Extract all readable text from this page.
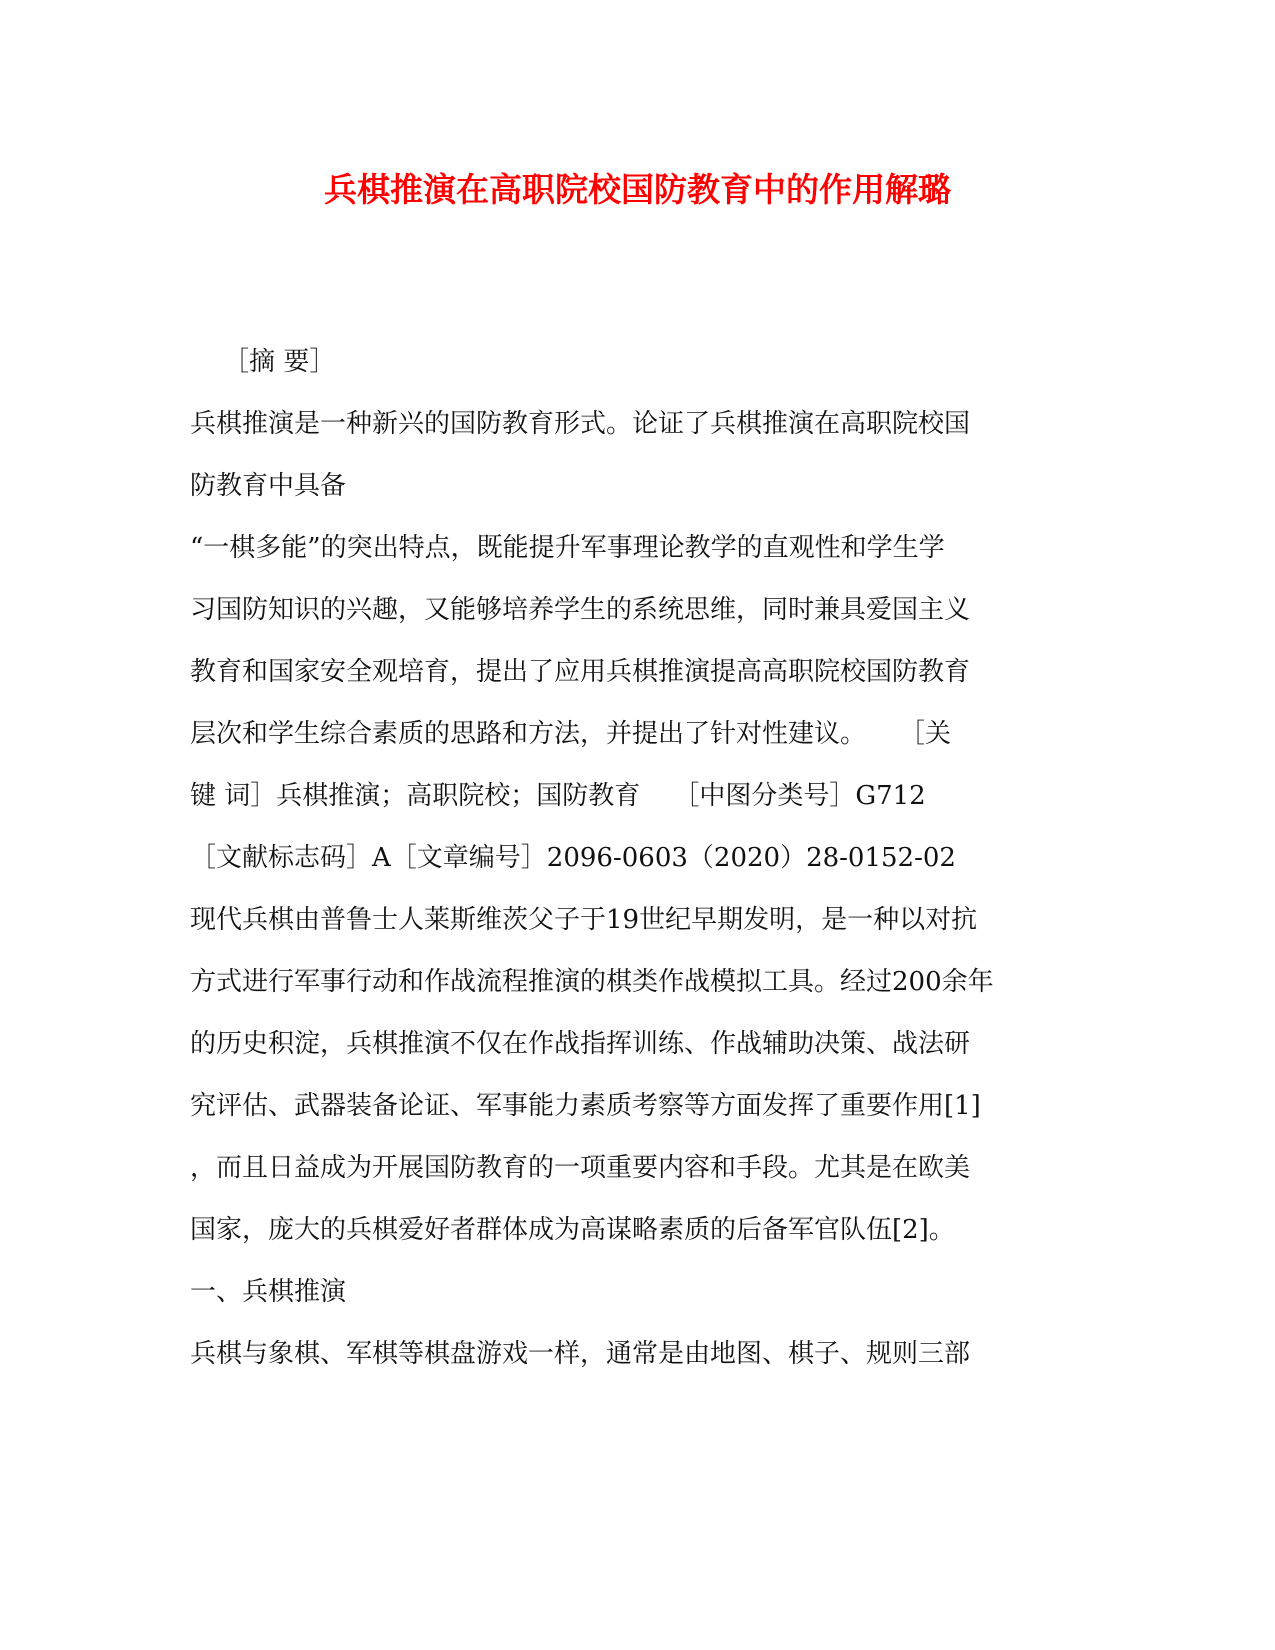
兵棋推演在高职院校国防教育中的作用解璐
［摘 要］
兵棋推演是一种新兴的国防教育形式。论证了兵棋推演在高职院校国
防教育中具备
“一棋多能”的突出特点，既能提升军事理论教学的直观性和学生学
习国防知识的兴趣，又能够培养学生的系统思维，同时兼具爱国主义
教育和国家安全观培育，提出了应用兵棋推演提高高职院校国防教育
层次和学生综合素质的思路和方法，并提出了针对性建议。    ［关
键 词］兵棋推演；高职院校；国防教育    ［中图分类号］G712
［文献标志码］A［文章编号］2096-0603（2020）28-0152-02
现代兵棋由普鲁士人莱斯维茨父子于19世纪早期发明，是一种以对抗
方式进行军事行动和作战流程推演的棋类作战模拟工具。经过200余年
的历史积淀，兵棋推演不仅在作战指挥训练、作战辅助决策、战法研
究评估、武器装备论证、军事能力素质考察等方面发挥了重要作用[1]
，而且日益成为开展国防教育的一项重要内容和手段。尤其是在欧美
国家，庞大的兵棋爱好者群体成为高谋略素质的后备军官队伍[2]。
一、兵棋推演
兵棋与象棋、军棋等棋盘游戏一样，通常是由地图、棋子、规则三部
